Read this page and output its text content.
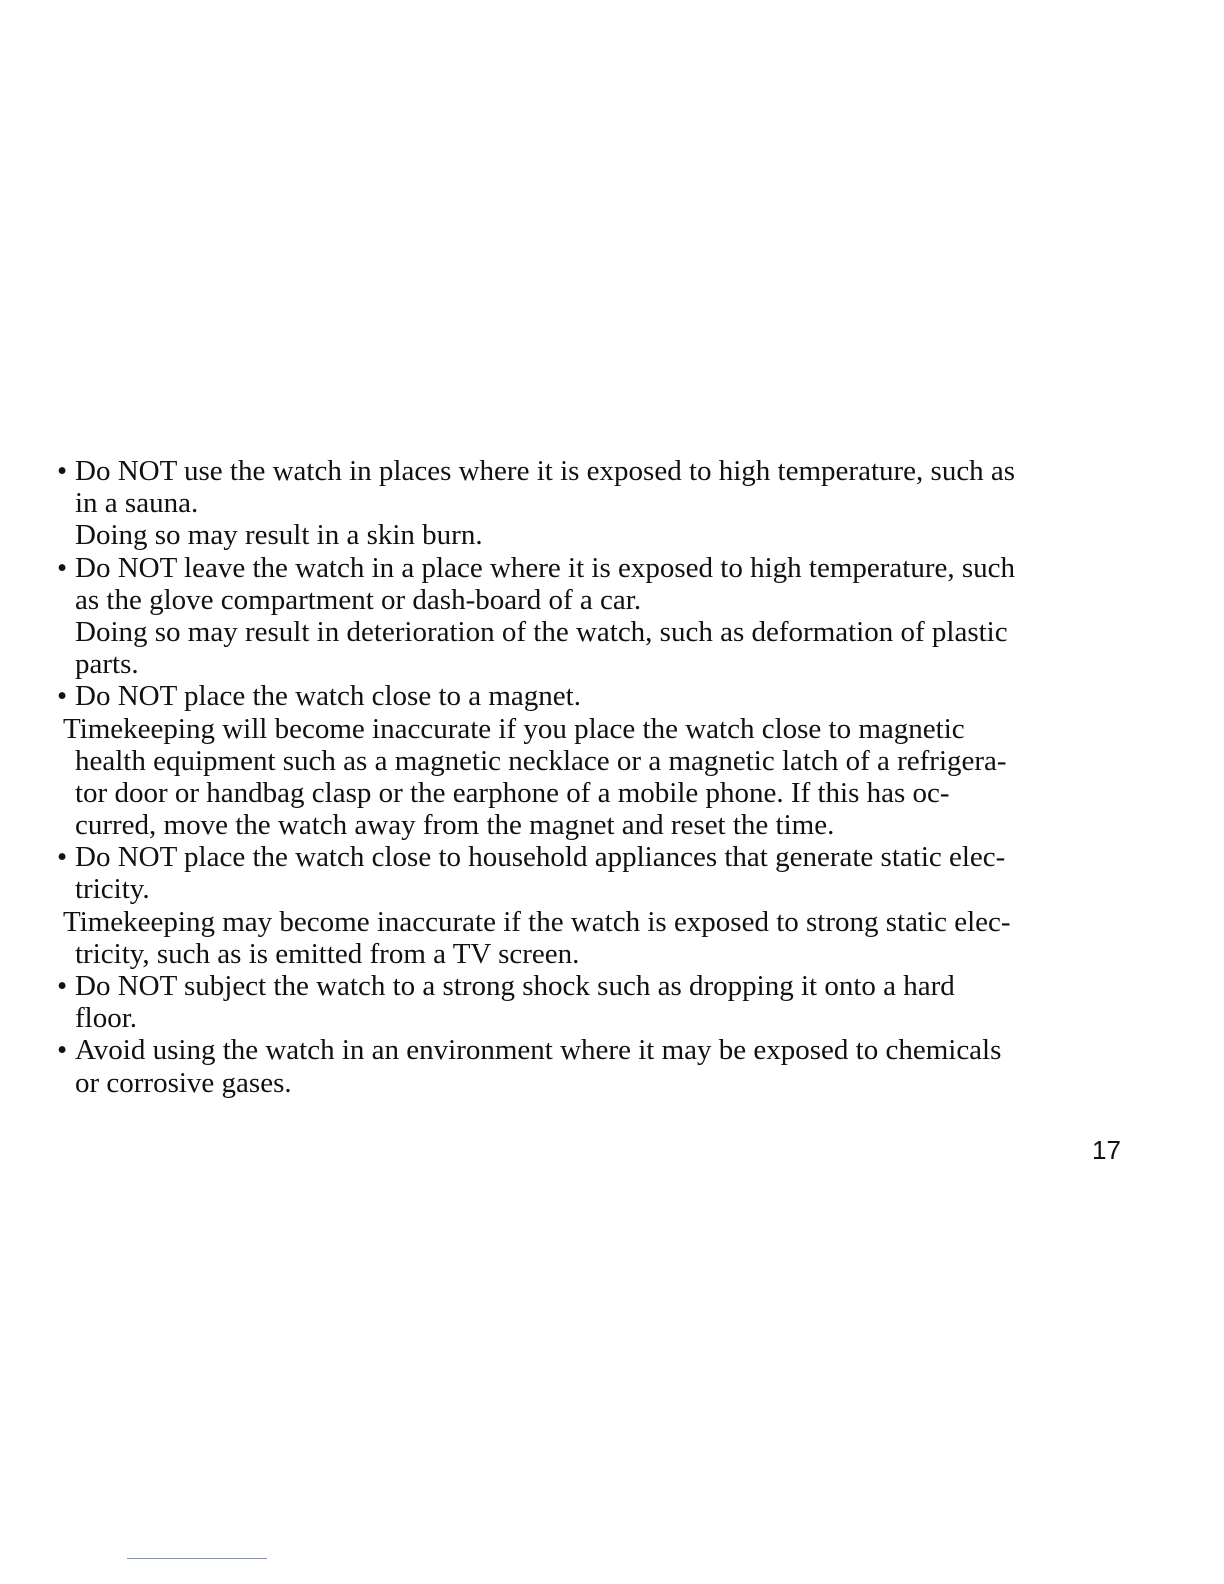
• Do NOT use the watch in places where it is exposed to high temperature, such as
in a sauna.
Doing so may result in a skin burn.
• Do NOT leave the watch in a place where it is exposed to high temperature, such
as the glove compartment or dash-board of a car.
Doing so may result in deterioration of the watch, such as deformation of plastic
parts.
• Do NOT place the watch close to a magnet.
Timekeeping will become inaccurate if you place the watch close to magnetic
health equipment such as a magnetic necklace or a magnetic latch of a refrigera-
tor door or handbag clasp or the earphone of a mobile phone. If this has oc-
curred, move the watch away from the magnet and reset the time.
• Do NOT place the watch close to household appliances that generate static elec-
tricity.
Timekeeping may become inaccurate if the watch is exposed to strong static elec-
tricity, such as is emitted from a TV screen.
• Do NOT subject the watch to a strong shock such as dropping it onto a hard
floor.
• Avoid using the watch in an environment where it may be exposed to chemicals
or corrosive gases.
17
